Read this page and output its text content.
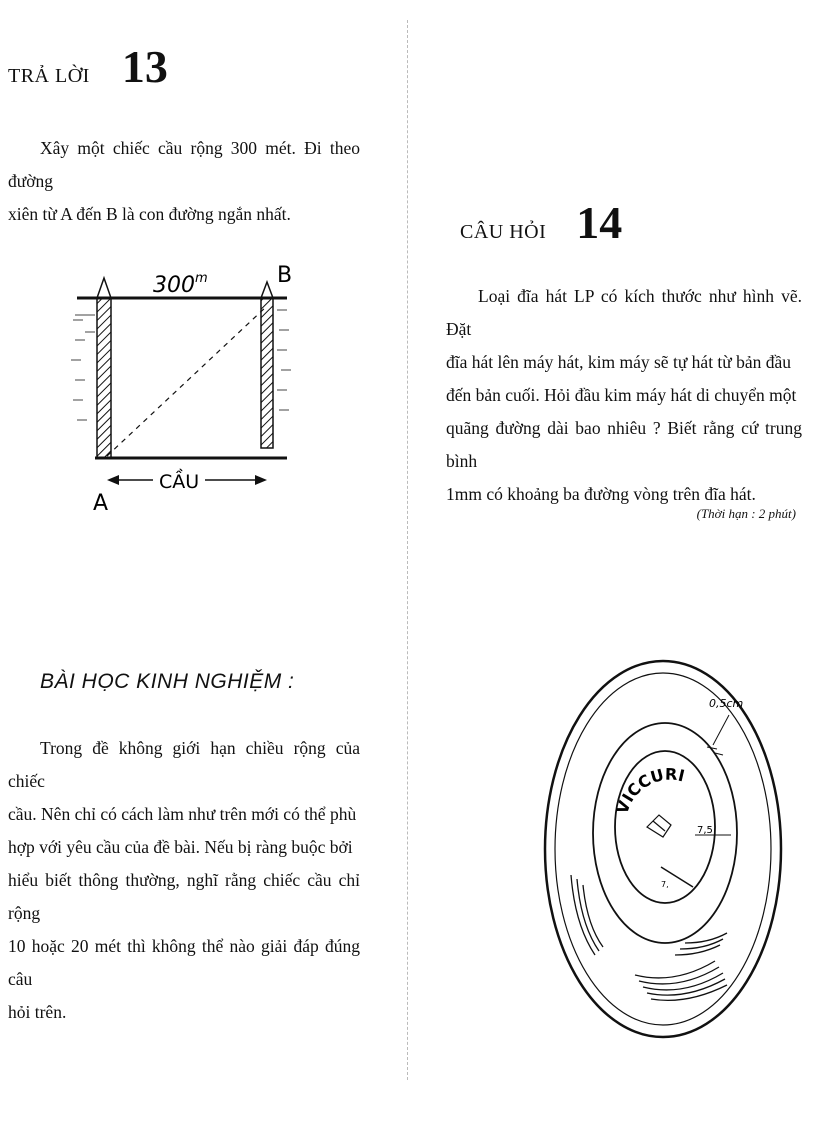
TRẢ LỜI 13
Xây một chiếc cầu rộng 300 mét. Đi theo đường
xiên từ A đến B là con đường ngắn nhất.
300$^m$	B
A
CẦU
BÀI HỌC KINH NGHIỆM :
Trong đề không giới hạn chiều rộng của chiếc
cầu. Nên chỉ có cách làm như trên mới có thể phù
hợp với yêu cầu của đề bài. Nếu bị ràng buộc bởi
hiểu biết thông thường, nghĩ rằng chiếc cầu chỉ rộng
10 hoặc 20 mét thì không thể nào giải đáp đúng câu
hỏi trên.
CÂU HỎI 14
Loại đĩa hát LP có kích thước như hình vẽ. Đặt
đĩa hát lên máy hát, kim máy sẽ tự hát từ bản đầu
đến bản cuối. Hỏi đầu kim máy hát di chuyển một
quãng đường dài bao nhiêu ? Biết rằng cứ trung bình
1mm có khoảng ba đường vòng trên đĩa hát.
(Thời hạn : 2 phút)
VICCURI
7,
7,5
0,5cm
